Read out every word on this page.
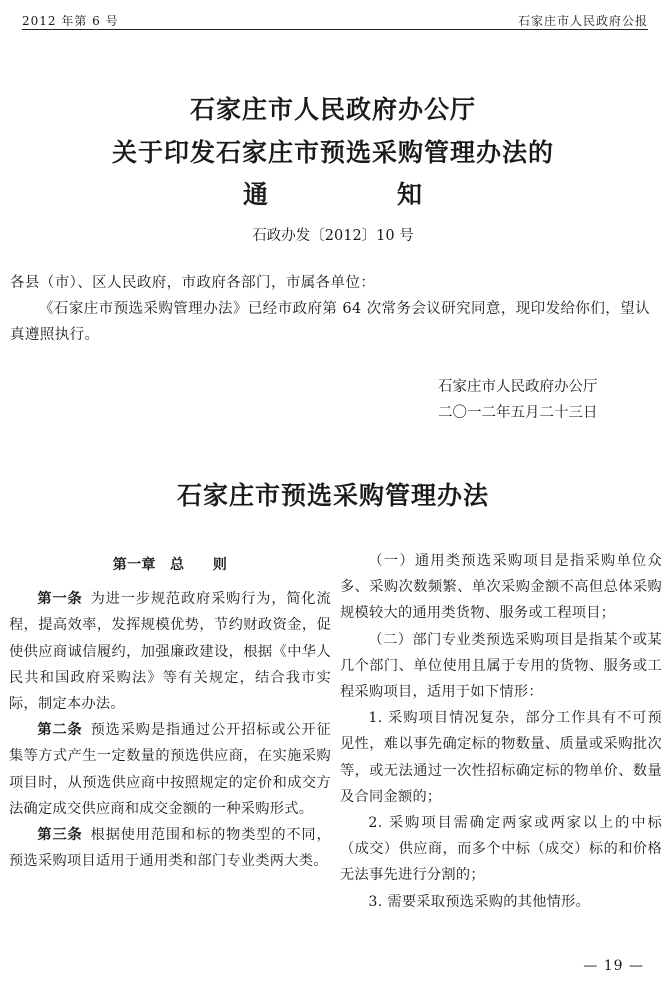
2012 年第 6 号	石家庄市人民政府公报
石家庄市人民政府办公厅
关于印发石家庄市预选采购管理办法的
通	知
石政办发〔2012〕10 号
各县（市）、区人民政府，市政府各部门，市属各单位：
《石家庄市预选采购管理办法》已经市政府第 64 次常务会议研究同意，现印发给你们，望认真遵照执行。
石家庄市人民政府办公厅
二〇一二年五月二十三日
石家庄市预选采购管理办法

第一章　总　　则

第一条 为进一步规范政府采购行为，简化流程，提高效率，发挥规模优势，节约财政资金，促使供应商诚信履约，加强廉政建设，根据《中华人民共和国政府采购法》等有关规定，结合我市实际，制定本办法。

第二条 预选采购是指通过公开招标或公开征集等方式产生一定数量的预选供应商，在实施采购项目时，从预选供应商中按照规定的定价和成交方法确定成交供应商和成交金额的一种采购形式。

第三条 根据使用范围和标的物类型的不同，预选采购项目适用于通用类和部门专业类两大类。

（一）通用类预选采购项目是指采购单位众多、采购次数频繁、单次采购金额不高但总体采购规模较大的通用类货物、服务或工程项目；

（二）部门专业类预选采购项目是指某个或某几个部门、单位使用且属于专用的货物、服务或工程采购项目，适用于如下情形：

1. 采购项目情况复杂，部分工作具有不可预见性，难以事先确定标的物数量、质量或采购批次等，或无法通过一次性招标确定标的物单价、数量及合同金额的；

2. 采购项目需确定两家或两家以上的中标（成交）供应商，而多个中标（成交）标的和价格无法事先进行分割的；

3. 需要采取预选采购的其他情形。

— 19 —
